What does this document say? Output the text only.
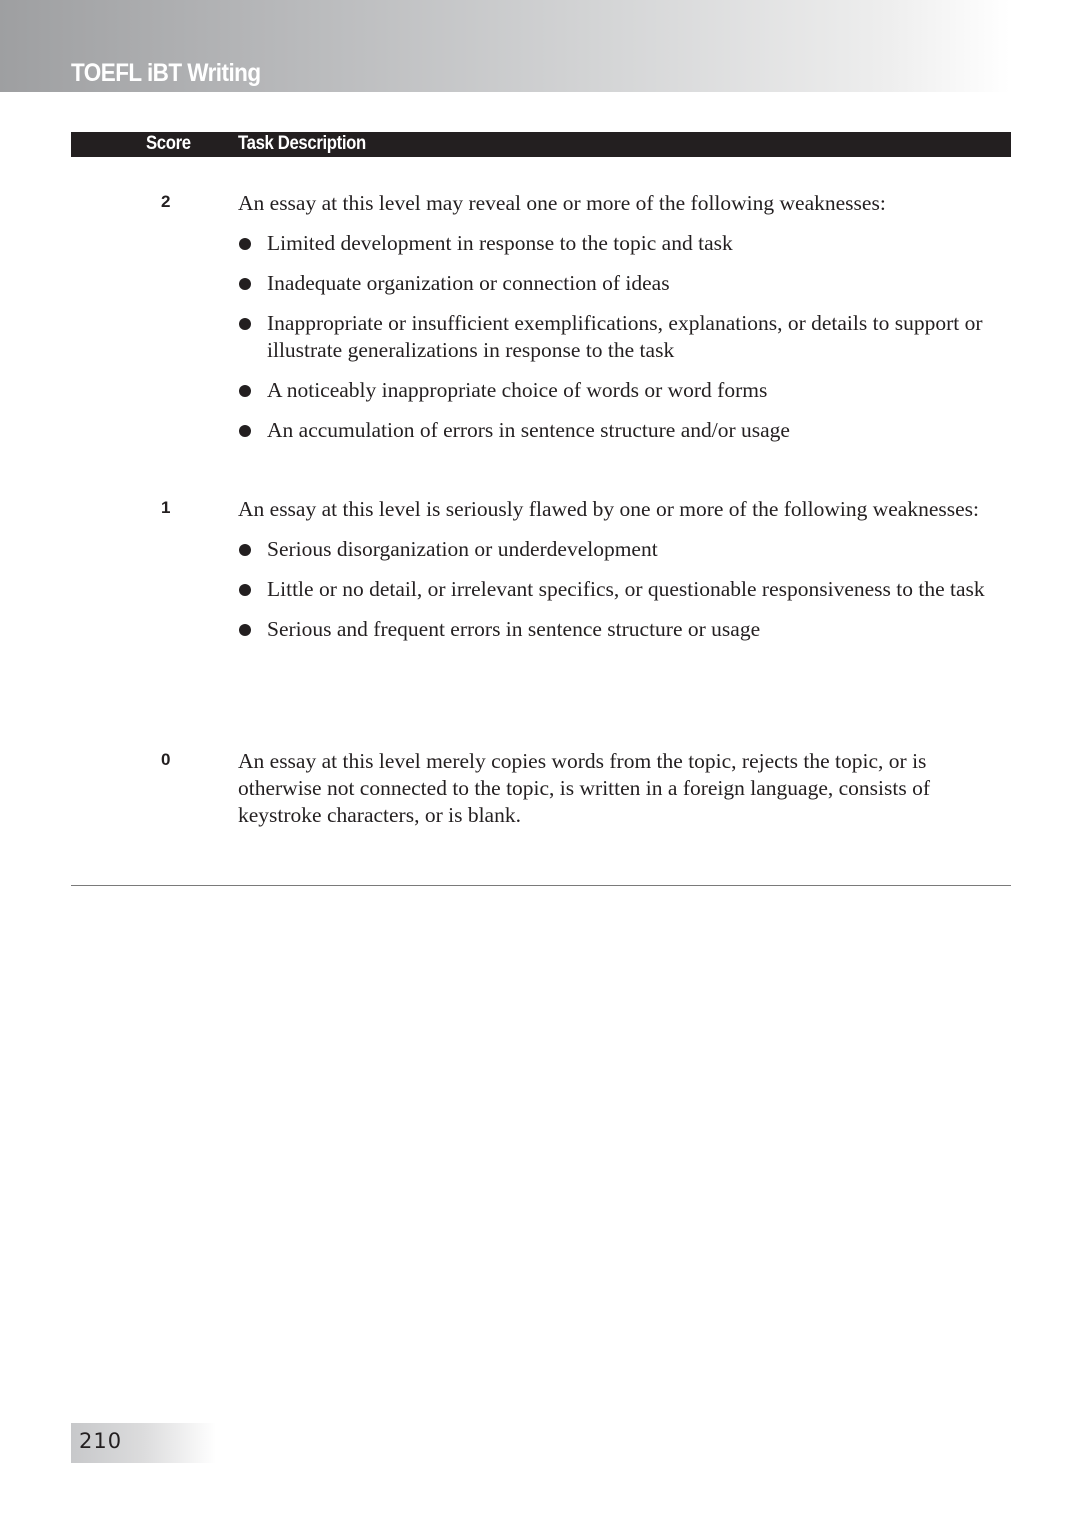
TOEFL iBT Writing
Score Task Description
2	An essay at this level may reveal one or more of the following weaknesses:

Limited development in response to the topic and task
Inadequate organization or connection of ideas
Inappropriate or insufficient exemplifications, explanations, or details to support or illustrate generalizations in response to the task
A noticeably inappropriate choice of words or word forms
An accumulation of errors in sentence structure and/or usage
1	An essay at this level is seriously flawed by one or more of the following weaknesses:

Serious disorganization or underdevelopment
Little or no detail, or irrelevant specifics, or questionable responsiveness to the task
Serious and frequent errors in sentence structure or usage
0	An essay at this level merely copies words from the topic, rejects the topic, or is otherwise not connected to the topic, is written in a foreign language, consists of keystroke characters, or is blank.

210
